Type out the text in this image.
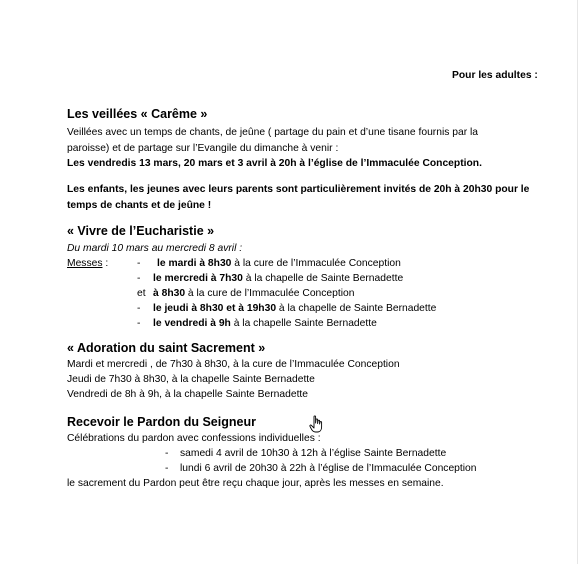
Pour les adultes :
Les veillées « Carême »
Veillées avec un temps de chants, de jeûne ( partage du pain et d’une tisane fournis par la
paroisse) et de partage sur l’Evangile du dimanche à venir :
Les vendredis 13 mars, 20 mars et 3 avril à 20h à l’église de l’Immaculée Conception.
Les enfants, les jeunes avec leurs parents sont particulièrement invités de 20h à 20h30 pour le
temps de chants et de jeûne !
« Vivre de l’Eucharistie »
Du mardi 10 mars au mercredi 8 avril :
Messes :	- le mardi à 8h30 à la cure de l’Immaculée Conception
- le mercredi à 7h30 à la chapelle de Sainte Bernadette
et à 8h30 à la cure de l’Immaculée Conception
- le jeudi à 8h30 et à 19h30 à la chapelle de Sainte Bernadette
- le vendredi à 9h à la chapelle Sainte Bernadette
« Adoration du saint Sacrement »
Mardi et mercredi , de 7h30 à 8h30, à la cure de l’Immaculée Conception
Jeudi de 7h30 à 8h30, à la chapelle Sainte Bernadette
Vendredi de 8h à 9h, à la chapelle Sainte Bernadette
Recevoir le Pardon du Seigneur
Célébrations du pardon avec confessions individuelles :
- samedi 4 avril de 10h30 à 12h à l’église Sainte Bernadette
- lundi 6 avril de 20h30 à 22h à l’église de l’Immaculée Conception
le sacrement du Pardon peut être reçu chaque jour, après les messes en semaine.
